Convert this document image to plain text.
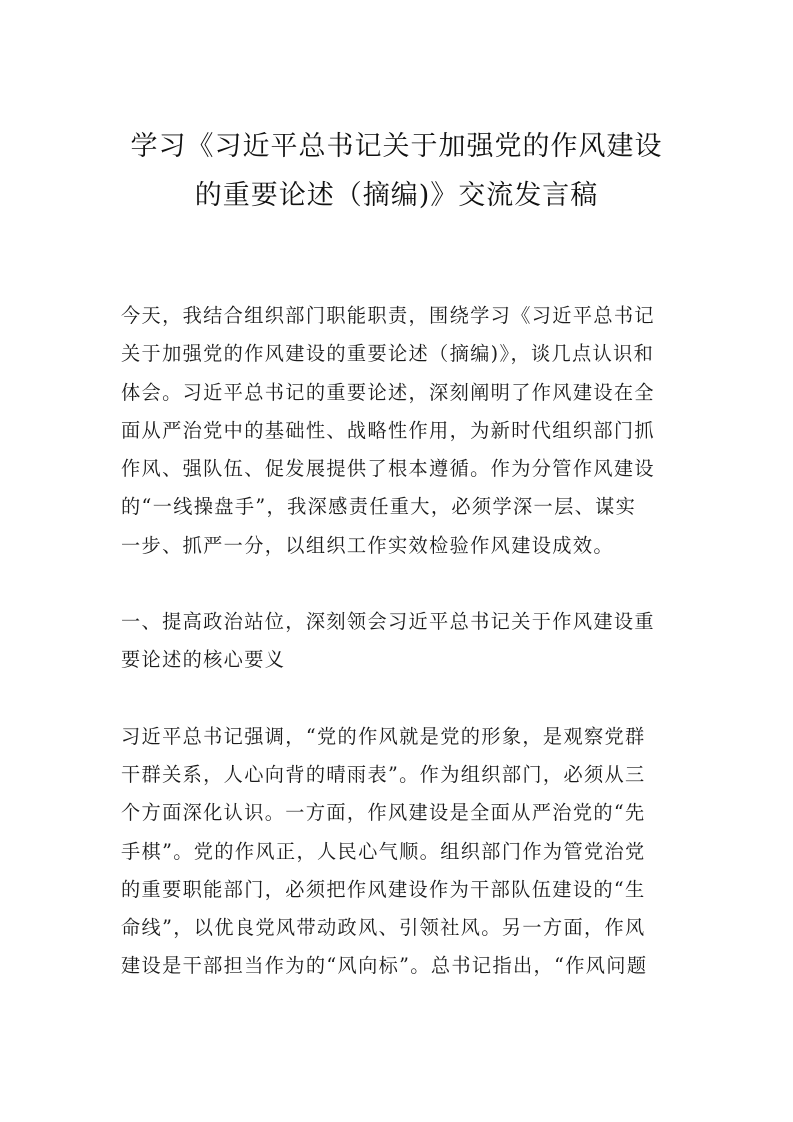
学习《习近平总书记关于加强党的作风建设
的重要论述（摘编)》交流发言稿

今天，我结合组织部门职能职责，围绕学习《习近平总书记
关于加强党的作风建设的重要论述（摘编)》，谈几点认识和
体会。习近平总书记的重要论述，深刻阐明了作风建设在全
面从严治党中的基础性、战略性作用，为新时代组织部门抓
作风、强队伍、促发展提供了根本遵循。作为分管作风建设
的“一线操盘手”，我深感责任重大，必须学深一层、谋实
一步、抓严一分，以组织工作实效检验作风建设成效。

一、提高政治站位，深刻领会习近平总书记关于作风建设重
要论述的核心要义

习近平总书记强调，“党的作风就是党的形象，是观察党群
干群关系，人心向背的晴雨表”。作为组织部门，必须从三
个方面深化认识。一方面，作风建设是全面从严治党的“先
手棋”。党的作风正，人民心气顺。组织部门作为管党治党
的重要职能部门，必须把作风建设作为干部队伍建设的“生
命线”，以优良党风带动政风、引领社风。另一方面，作风
建设是干部担当作为的“风向标”。总书记指出，“作风问题
